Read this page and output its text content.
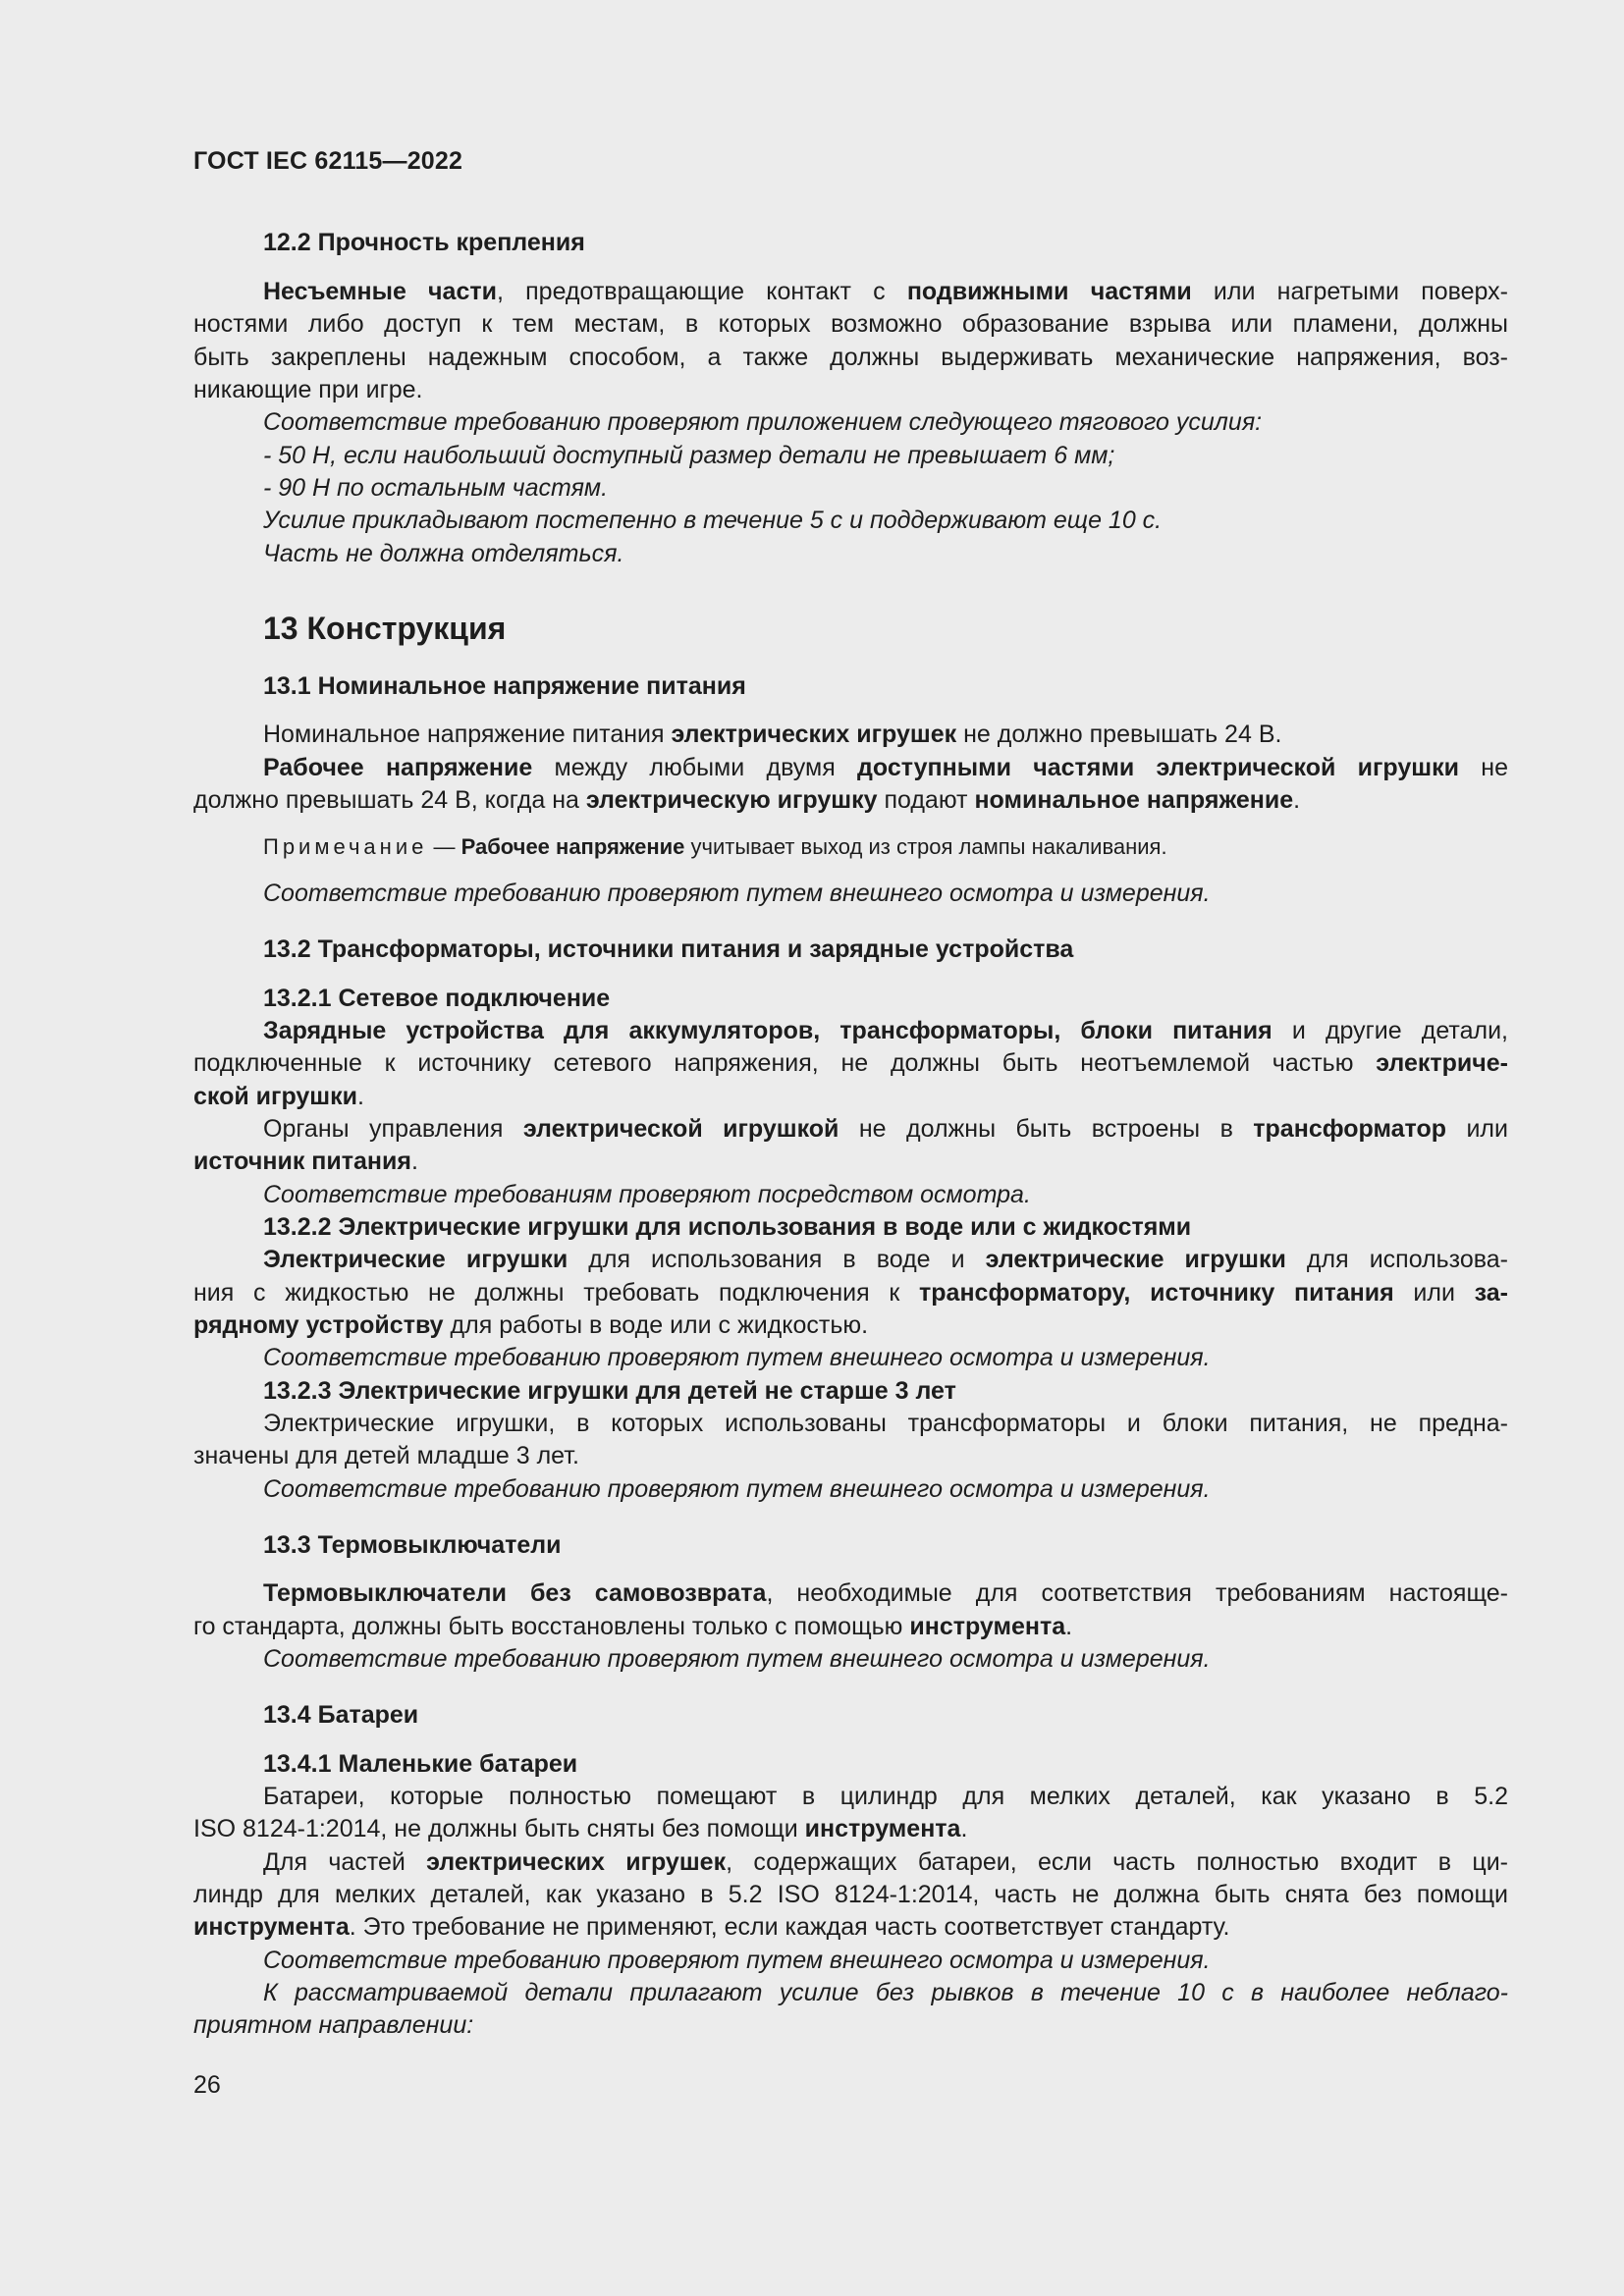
ГОСТ IEC 62115—2022
12.2 Прочность крепления
Несъемные части, предотвращающие контакт с подвижными частями или нагретыми поверх-
ностями либо доступ к тем местам, в которых возможно образование взрыва или пламени, должны
быть закреплены надежным способом, а также должны выдерживать механические напряжения, воз-
никающие при игре.
Соответствие требованию проверяют приложением следующего тягового усилия:
- 50 Н, если наибольший доступный размер детали не превышает 6 мм;
- 90 Н по остальным частям.
Усилие прикладывают постепенно в течение 5 с и поддерживают еще 10 с.
Часть не должна отделяться.
13 Конструкция
13.1 Номинальное напряжение питания
Номинальное напряжение питания электрических игрушек не должно превышать 24 В.
Рабочее напряжение между любыми двумя доступными частями электрической игрушки не
должно превышать 24 В, когда на электрическую игрушку подают номинальное напряжение.
Примечание — Рабочее напряжение учитывает выход из строя лампы накаливания.
Соответствие требованию проверяют путем внешнего осмотра и измерения.
13.2 Трансформаторы, источники питания и зарядные устройства
13.2.1 Сетевое подключение
Зарядные устройства для аккумуляторов, трансформаторы, блоки питания и другие детали,
подключенные к источнику сетевого напряжения, не должны быть неотъемлемой частью электриче-
ской игрушки.
Органы управления электрической игрушкой не должны быть встроены в трансформатор или
источник питания.
Соответствие требованиям проверяют посредством осмотра.
13.2.2 Электрические игрушки для использования в воде или с жидкостями
Электрические игрушки для использования в воде и электрические игрушки для использова-
ния с жидкостью не должны требовать подключения к трансформатору, источнику питания или за-
рядному устройству для работы в воде или с жидкостью.
Соответствие требованию проверяют путем внешнего осмотра и измерения.
13.2.3 Электрические игрушки для детей не старше 3 лет
Электрические игрушки, в которых использованы трансформаторы и блоки питания, не предна-
значены для детей младше 3 лет.
Соответствие требованию проверяют путем внешнего осмотра и измерения.
13.3 Термовыключатели
Термовыключатели без самовозврата, необходимые для соответствия требованиям настояще-
го стандарта, должны быть восстановлены только с помощью инструмента.
Соответствие требованию проверяют путем внешнего осмотра и измерения.
13.4 Батареи
13.4.1 Маленькие батареи
Батареи, которые полностью помещают в цилиндр для мелких деталей, как указано в 5.2
ISO 8124-1:2014, не должны быть сняты без помощи инструмента.
Для частей электрических игрушек, содержащих батареи, если часть полностью входит в ци-
линдр для мелких деталей, как указано в 5.2 ISO 8124-1:2014, часть не должна быть снята без помощи
инструмента. Это требование не применяют, если каждая часть соответствует стандарту.
Соответствие требованию проверяют путем внешнего осмотра и измерения.
К рассматриваемой детали прилагают усилие без рывков в течение 10 с в наиболее неблаго-
приятном направлении:
26
